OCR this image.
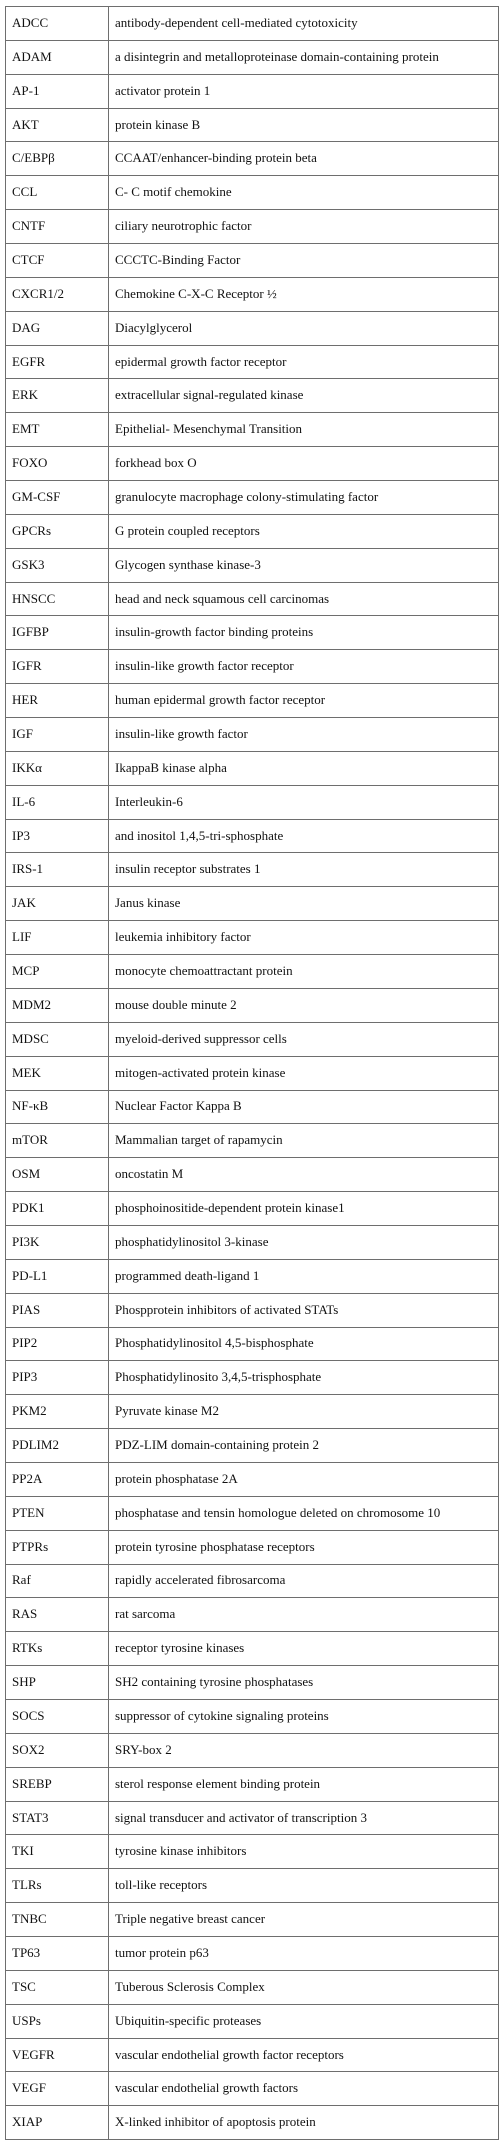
ADCC	antibody-dependent cell-mediated cytotoxicity
ADAM	a disintegrin and metalloproteinase domain-containing protein
AP-1	activator protein 1
AKT	protein kinase B
C/EBPβ	CCAAT/enhancer-binding protein beta
CCL	C- C motif chemokine
CNTF	ciliary neurotrophic factor
CTCF	CCCTC-Binding Factor
CXCR1/2	Chemokine C-X-C Receptor ½
DAG	Diacylglycerol
EGFR	epidermal growth factor receptor
ERK	extracellular signal-regulated kinase
EMT	Epithelial- Mesenchymal Transition
FOXO	forkhead box O
GM-CSF	granulocyte macrophage colony-stimulating factor
GPCRs	G protein coupled receptors
GSK3	Glycogen synthase kinase-3
HNSCC	head and neck squamous cell carcinomas
IGFBP	insulin-growth factor binding proteins
IGFR	insulin-like growth factor receptor
HER	human epidermal growth factor receptor
IGF	insulin-like growth factor
IKKα	IkappaB kinase alpha
IL-6	Interleukin-6
IP3	and inositol 1,4,5-tri-sphosphate
IRS-1	insulin receptor substrates 1
JAK	Janus kinase
LIF	leukemia inhibitory factor
MCP	monocyte chemoattractant protein
MDM2	mouse double minute 2
MDSC	myeloid-derived suppressor cells
MEK	mitogen-activated protein kinase
NF-κB	Nuclear Factor Kappa B
mTOR	Mammalian target of rapamycin
OSM	oncostatin M
PDK1	phosphoinositide-dependent protein kinase1
PI3K	phosphatidylinositol 3-kinase
PD-L1	programmed death-ligand 1
PIAS	Phospprotein inhibitors of activated STATs
PIP2	Phosphatidylinositol 4,5-bisphosphate
PIP3	Phosphatidylinosito 3,4,5-trisphosphate
PKM2	Pyruvate kinase M2
PDLIM2	PDZ-LIM domain-containing protein 2
PP2A	protein phosphatase 2A
PTEN	phosphatase and tensin homologue deleted on chromosome 10
PTPRs	protein tyrosine phosphatase receptors
Raf	rapidly accelerated fibrosarcoma
RAS	rat sarcoma
RTKs	receptor tyrosine kinases
SHP	SH2 containing tyrosine phosphatases
SOCS	suppressor of cytokine signaling proteins
SOX2	SRY-box 2
SREBP	sterol response element binding protein
STAT3	signal transducer and activator of transcription 3
TKI	tyrosine kinase inhibitors
TLRs	toll-like receptors
TNBC	Triple negative breast cancer
TP63	tumor protein p63
TSC	Tuberous Sclerosis Complex
USPs	Ubiquitin-specific proteases
VEGFR	vascular endothelial growth factor receptors
VEGF	vascular endothelial growth factors
XIAP	X-linked inhibitor of apoptosis protein
